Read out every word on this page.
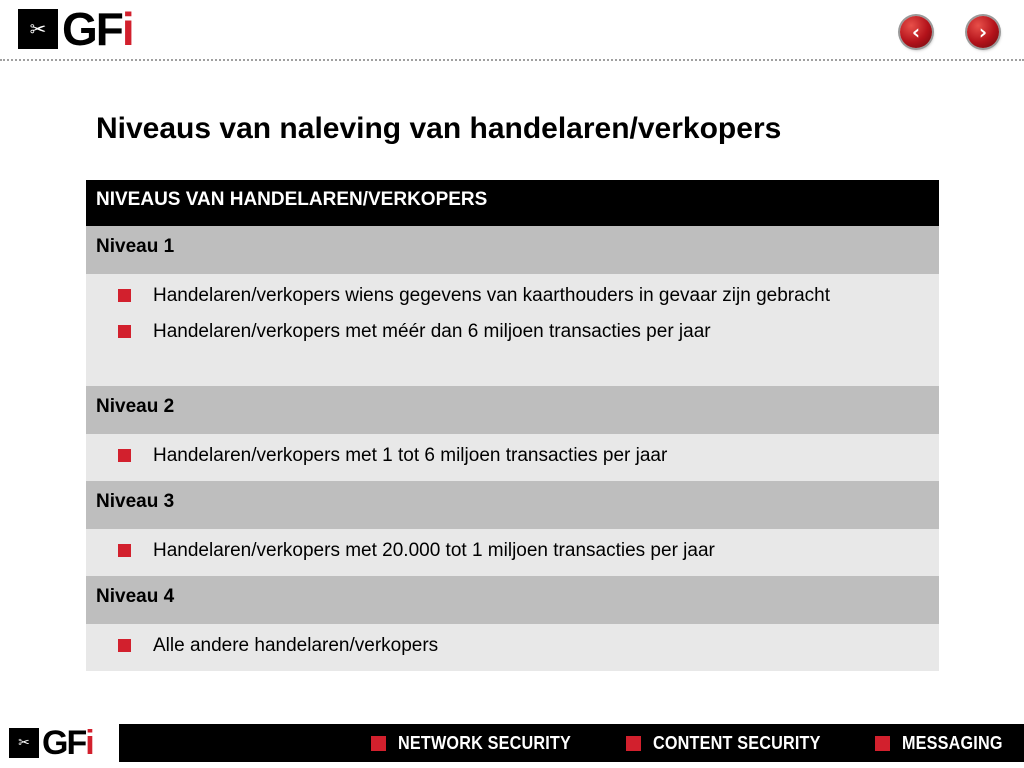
✂ GF i	‹	›
Niveaus van naleving van handelaren/verkopers
NIVEAUS VAN HANDELAREN/VERKOPERS
Niveau 1
Handelaren/verkopers wiens gegevens van kaarthouders in gevaar zijn gebracht
Handelaren/verkopers met méér dan 6 miljoen transacties per jaar
Niveau 2
Handelaren/verkopers met 1 tot 6 miljoen transacties per jaar
Niveau 3
Handelaren/verkopers met 20.000 tot 1 miljoen transacties per jaar
Niveau 4
Alle andere handelaren/verkopers
✂ GF i	NETWORK SECURITY	CONTENT SECURITY	MESSAGING
